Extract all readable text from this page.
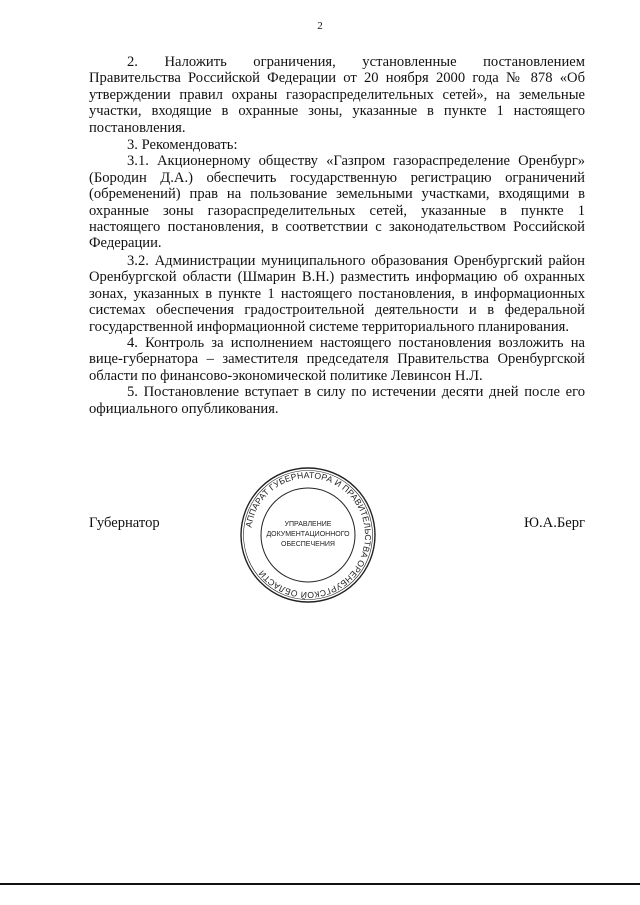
2

2. Наложить ограничения, установленные постановлением Правительства Российской Федерации от 20 ноября 2000 года № 878 «Об утверждении правил охраны газораспределительных сетей», на земельные участки, входящие в охранные зоны, указанные в пункте 1 настоящего постановления.

3. Рекомендовать:

3.1. Акционерному обществу «Газпром газораспределение Оренбург» (Бородин Д.А.) обеспечить государственную регистрацию ограничений (обременений) прав на пользование земельными участками, входящими в охранные зоны газораспределительных сетей, указанные в пункте 1 настоящего постановления, в соответствии с законодательством Российской Федерации.

3.2. Администрации муниципального образования Оренбургский район Оренбургской области (Шмарин В.Н.) разместить информацию об охранных зонах, указанных в пункте 1 настоящего постановления, в информационных системах обеспечения градостроительной деятельности и в федеральной государственной информационной системе территориального планирования.

4. Контроль за исполнением настоящего постановления возложить на вице-губернатора – заместителя председателя Правительства Оренбургской области по финансово-экономической политике Левинсон Н.Л.

5. Постановление вступает в силу по истечении десяти дней после его официального опубликования.

Губернатор	Ю.А.Берг
АППАРАТ ГУБЕРНАТОРА И ПРАВИТЕЛЬСТВА ОРЕНБУРГСКОЙ ОБЛАСТИ
УПРАВЛЕНИЕ
ДОКУМЕНТАЦИОННОГО
ОБЕСПЕЧЕНИЯ
